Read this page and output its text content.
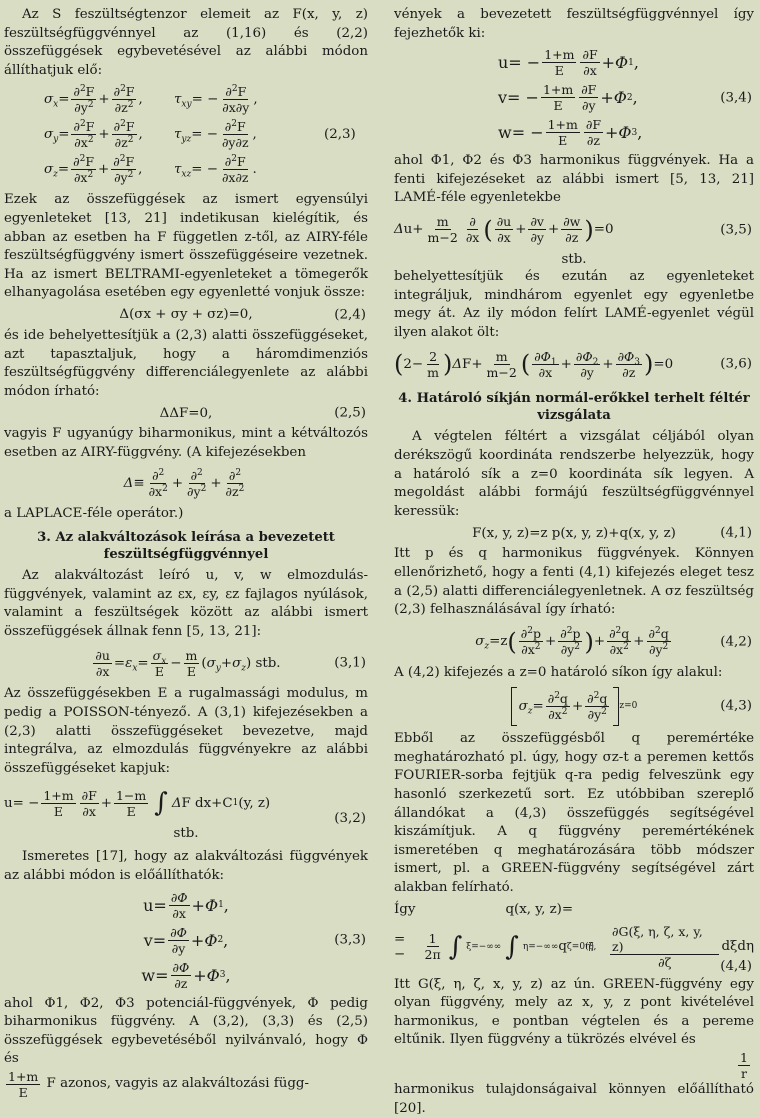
Az S feszültségtenzor elemeit az F(x, y, z) feszültségfüggvénnyel az (1,16) és (2,2) összefüggések egybevetésével az alábbi módon állíthatjuk elő:

$\sigma_x = \frac{\partial^2F}{\partial y^2} + \frac{\partial^2F}{\partial z^2}$ ,	$\tau_{xy}$ = − $\frac{\partial^2F}{\partial x\partial y}$ ,
$\sigma_y = \frac{\partial^2F}{\partial x^2} + \frac{\partial^2F}{\partial z^2}$ ,	$\tau_{yz}$ = − $\frac{\partial^2F}{\partial y\partial z}$ ,	(2,3)
$\sigma_z = \frac{\partial^2F}{\partial x^2} + \frac{\partial^2F}{\partial y^2}$ ,	$\tau_{xz}$ = − $\frac{\partial^2F}{\partial x\partial z}$ .

Ezek az összefüggések az ismert egyensúlyi egyenleteket [13, 21] indetikusan kielégítik, és abban az esetben ha F független z-től, az AIRY-féle feszültségfüggvény ismert összefüggéseire vezetnek. Ha az ismert BELTRAMI-egyenleteket a tömegerők elhanyagolása esetében egy egyenletté vonjuk össze:

Δ(σx + σy + σz)=0,	(2,4)

és ide behelyettesítjük a (2,3) alatti összefüggéseket, azt tapasztaljuk, hogy a háromdimenziós feszültségfüggvény differenciálegyenlete az alábbi módon írható:

ΔΔF=0,	(2,5)

vagyis F ugyanúgy biharmonikus, mint a kétváltozós esetben az AIRY-függvény. (A kifejezésekben

$\Delta \equiv \frac{\partial^2}{\partial x^2} + \frac{\partial^2}{\partial y^2} + \frac{\partial^2}{\partial z^2}$

a LAPLACE-féle operátor.)

3. Az alakváltozások leírása a bevezetett feszültségfüggvénnyel

Az alakváltozást leíró u, v, w elmozdulás-függvények, valamint az εx, εy, εz fajlagos nyúlások, valamint a feszültségek között az alábbi ismert összefüggések állnak fenn [5, 13, 21]:

$\frac{\partial u}{\partial x} = \varepsilon_x = \frac{\sigma_x}{E} - \frac{m}{E}$ ( $\sigma_y + \sigma_z$ ) stb.	(3,1)

Az összefüggésekben E a rugalmassági modulus, m pedig a POISSON-tényező. A (3,1) kifejezésekben a (2,3) alatti összefüggéseket bevezetve, majd integrálva, az elmozdulás függvényekre az alábbi összefüggéseket kapjuk:

$u= - \frac{1+m}{E} \frac{\partial F}{\partial x} + \frac{1-m}{E}$ ∫ Δ F dx+C 1 (y, z)
(3,2)
stb.

Ismeretes [17], hogy az alakváltozási függvények az alábbi módon is előállíthatók:

$u= \frac{\partial\Phi}{\partial x} + \Phi$ 1 ,
$v= \frac{\partial\Phi}{\partial y} + \Phi$ 2 ,
$w= \frac{\partial\Phi}{\partial z} + \Phi$ 3 ,
(3,3)

ahol Φ1, Φ2, Φ3 potenciál-függvények, Φ pedig biharmonikus függvény. A (3,2), (3,3) és (2,5) összefüggések egybevetéséből nyilvánvaló, hogy Φ és

$\frac{1+m}{E}$
F azonos, vagyis az alakváltozási függ-

vények a bevezetett feszültségfüggvénnyel így fejezhetők ki:

$u= - \frac{1+m}{E} \frac{\partial F}{\partial x} + \Phi$ 1 ,
$v= - \frac{1+m}{E} \frac{\partial F}{\partial y} + \Phi$ 2 ,
$w= - \frac{1+m}{E} \frac{\partial F}{\partial z} + \Phi$ 3 ,
(3,4)

ahol Φ1, Φ2 és Φ3 harmonikus függvények. Ha a fenti kifejezéseket az alábbi ismert [5, 13, 21] LAMÉ-féle egyenletekbe

Δ $u+ \frac{m}{m-2} \frac{\partial}{\partial x}$ ( $\frac{\partial u}{\partial x} + \frac{\partial v}{\partial y} + \frac{\partial w}{\partial z}$ ) =0	(3,5)
stb.

behelyettesítjük és ezután az egyenleteket integráljuk, mindhárom egyenlet egy egyenletbe megy át. Az ily módon felírt LAMÉ-egyenlet végül ilyen alakot ölt:

( $2- \frac{2}{m}$ ) Δ $F+ \frac{m}{m-2}$ ( $\frac{\partial\Phi_1}{\partial x} + \frac{\partial\Phi_2}{\partial y} + \frac{\partial\Phi_3}{\partial z}$ ) =0	(3,6)
4. Határoló síkján normál-erőkkel terhelt féltér vizsgálata

A végtelen féltért a vizsgálat céljából olyan derékszögű koordináta rendszerbe helyezzük, hogy a határoló sík a z=0 koordináta sík legyen. A megoldást alábbi formájú feszültségfüggvénnyel keressük:

F(x, y, z)=z p(x, y, z)+q(x, y, z)	(4,1)

Itt p és q harmonikus függvények. Könnyen ellenőrizhető, hogy a fenti (4,1) kifejezés eleget tesz a (2,5) alatti differenciálegyenletnek. A σz feszültség (2,3) felhasználásával így írható:

$\sigma_z =z$ ( $\frac{\partial^2p}{\partial x^2} + \frac{\partial^2p}{\partial y^2}$ ) + $\frac{\partial^2q}{\partial x^2} + \frac{\partial^2q}{\partial y^2}$	(4,2)

A (4,2) kifejezés a z=0 határoló síkon így alakul:

$\sigma_z = \frac{\partial^2q}{\partial x^2} + \frac{\partial^2q}{\partial y^2} z=0$	(4,3)

Ebből az összefüggésből q peremértéke meghatározható pl. úgy, hogy σz-t a peremen kettős FOURIER-sorba fejtjük q-ra pedig felveszünk egy hasonló szerkezetű sort. Ez utóbbiban szereplő állandókat a (4,3) összefüggés segítségével kiszámítjuk. A q függvény peremértékének ismeretében q meghatározására több módszer ismert, pl. a GREEN-függvény segítségével zárt alakban felírható.

Így	q(x, y, z)=
= − $\frac{1}{2\pi}$ ∫ ξ=−∞ ∞ ∫ η=−∞ ∞ q ζ=0 (ξ, η)	$\frac{\partial G(\xi, \eta, \zeta, x, y, z)}{\partial\zeta}$ dξdη
(4,4)

Itt G(ξ, η, ζ, x, y, z) az ún. GREEN-függvény egy olyan függvény, mely az x, y, z pont kivételével harmonikus, e pontban végtelen és a pereme eltűnik. Ilyen függvény a tükrözés elvével és

$\frac{1}{r}$

harmonikus tulajdonságaival könnyen előállítható [20].
